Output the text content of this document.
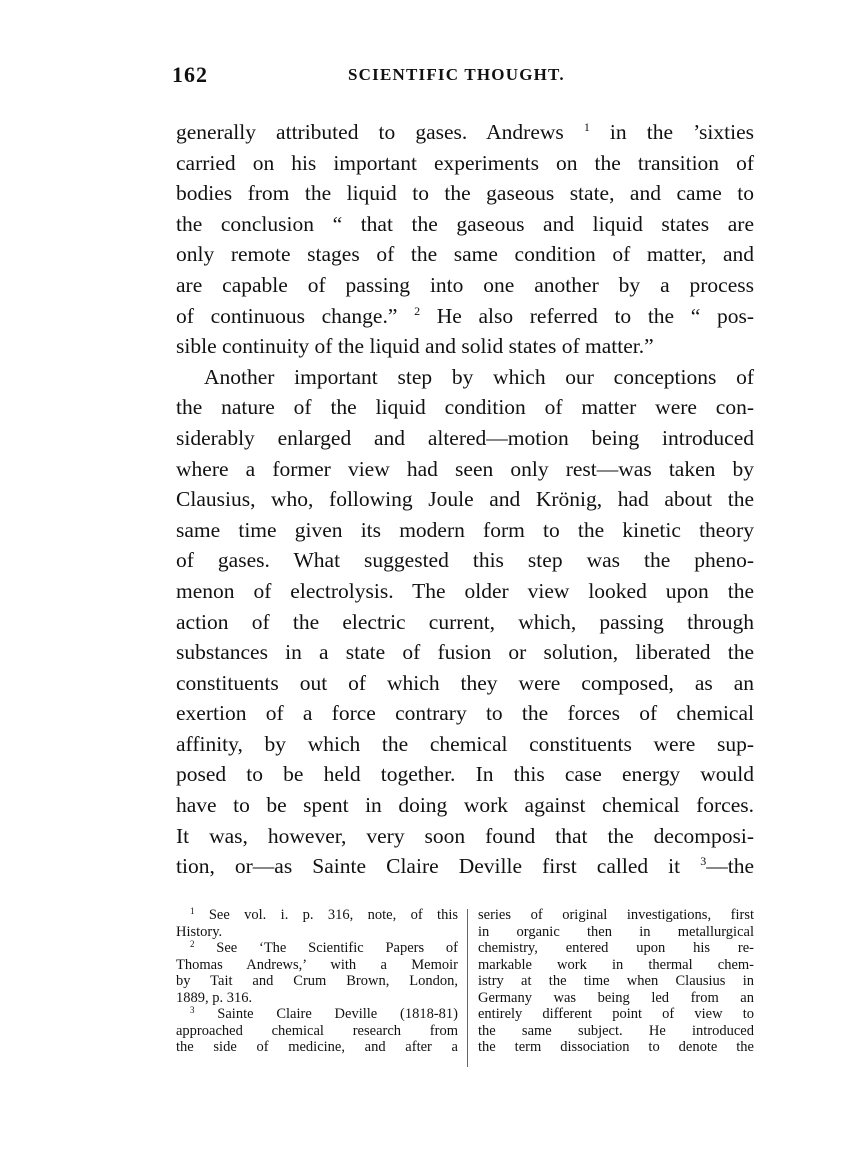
162	SCIENTIFIC THOUGHT.
generally attributed to gases. Andrews $^1$ in the ’sixties
carried on his important experiments on the transition of
bodies from the liquid to the gaseous state, and came to
the conclusion “ that the gaseous and liquid states are
only remote stages of the same condition of matter, and
are capable of passing into one another by a process
of continuous change.” $^2$ He also referred to the “ pos-
sible continuity of the liquid and solid states of matter.”
Another important step by which our conceptions of
the nature of the liquid condition of matter were con-
siderably enlarged and altered—motion being introduced
where a former view had seen only rest—was taken by
Clausius, who, following Joule and Krönig, had about the
same time given its modern form to the kinetic theory
of gases. What suggested this step was the pheno-
menon of electrolysis. The older view looked upon the
action of the electric current, which, passing through
substances in a state of fusion or solution, liberated the
constituents out of which they were composed, as an
exertion of a force contrary to the forces of chemical
affinity, by which the chemical constituents were sup-
posed to be held together. In this case energy would
have to be spent in doing work against chemical forces.
It was, however, very soon found that the decomposi-
tion, or—as Sainte Claire Deville first called it $^3$—the
$^1$ See vol. i. p. 316, note, of this
History.
$^2$ See ‘The Scientific Papers of
Thomas Andrews,’ with a Memoir
by Tait and Crum Brown, London,
1889, p. 316.
$^3$ Sainte Claire Deville (1818-81)
approached chemical research from
the side of medicine, and after a
series of original investigations, first
in organic then in metallurgical
chemistry, entered upon his re-
markable work in thermal chem-
istry at the time when Clausius in
Germany was being led from an
entirely different point of view to
the same subject. He introduced
the term dissociation to denote the
